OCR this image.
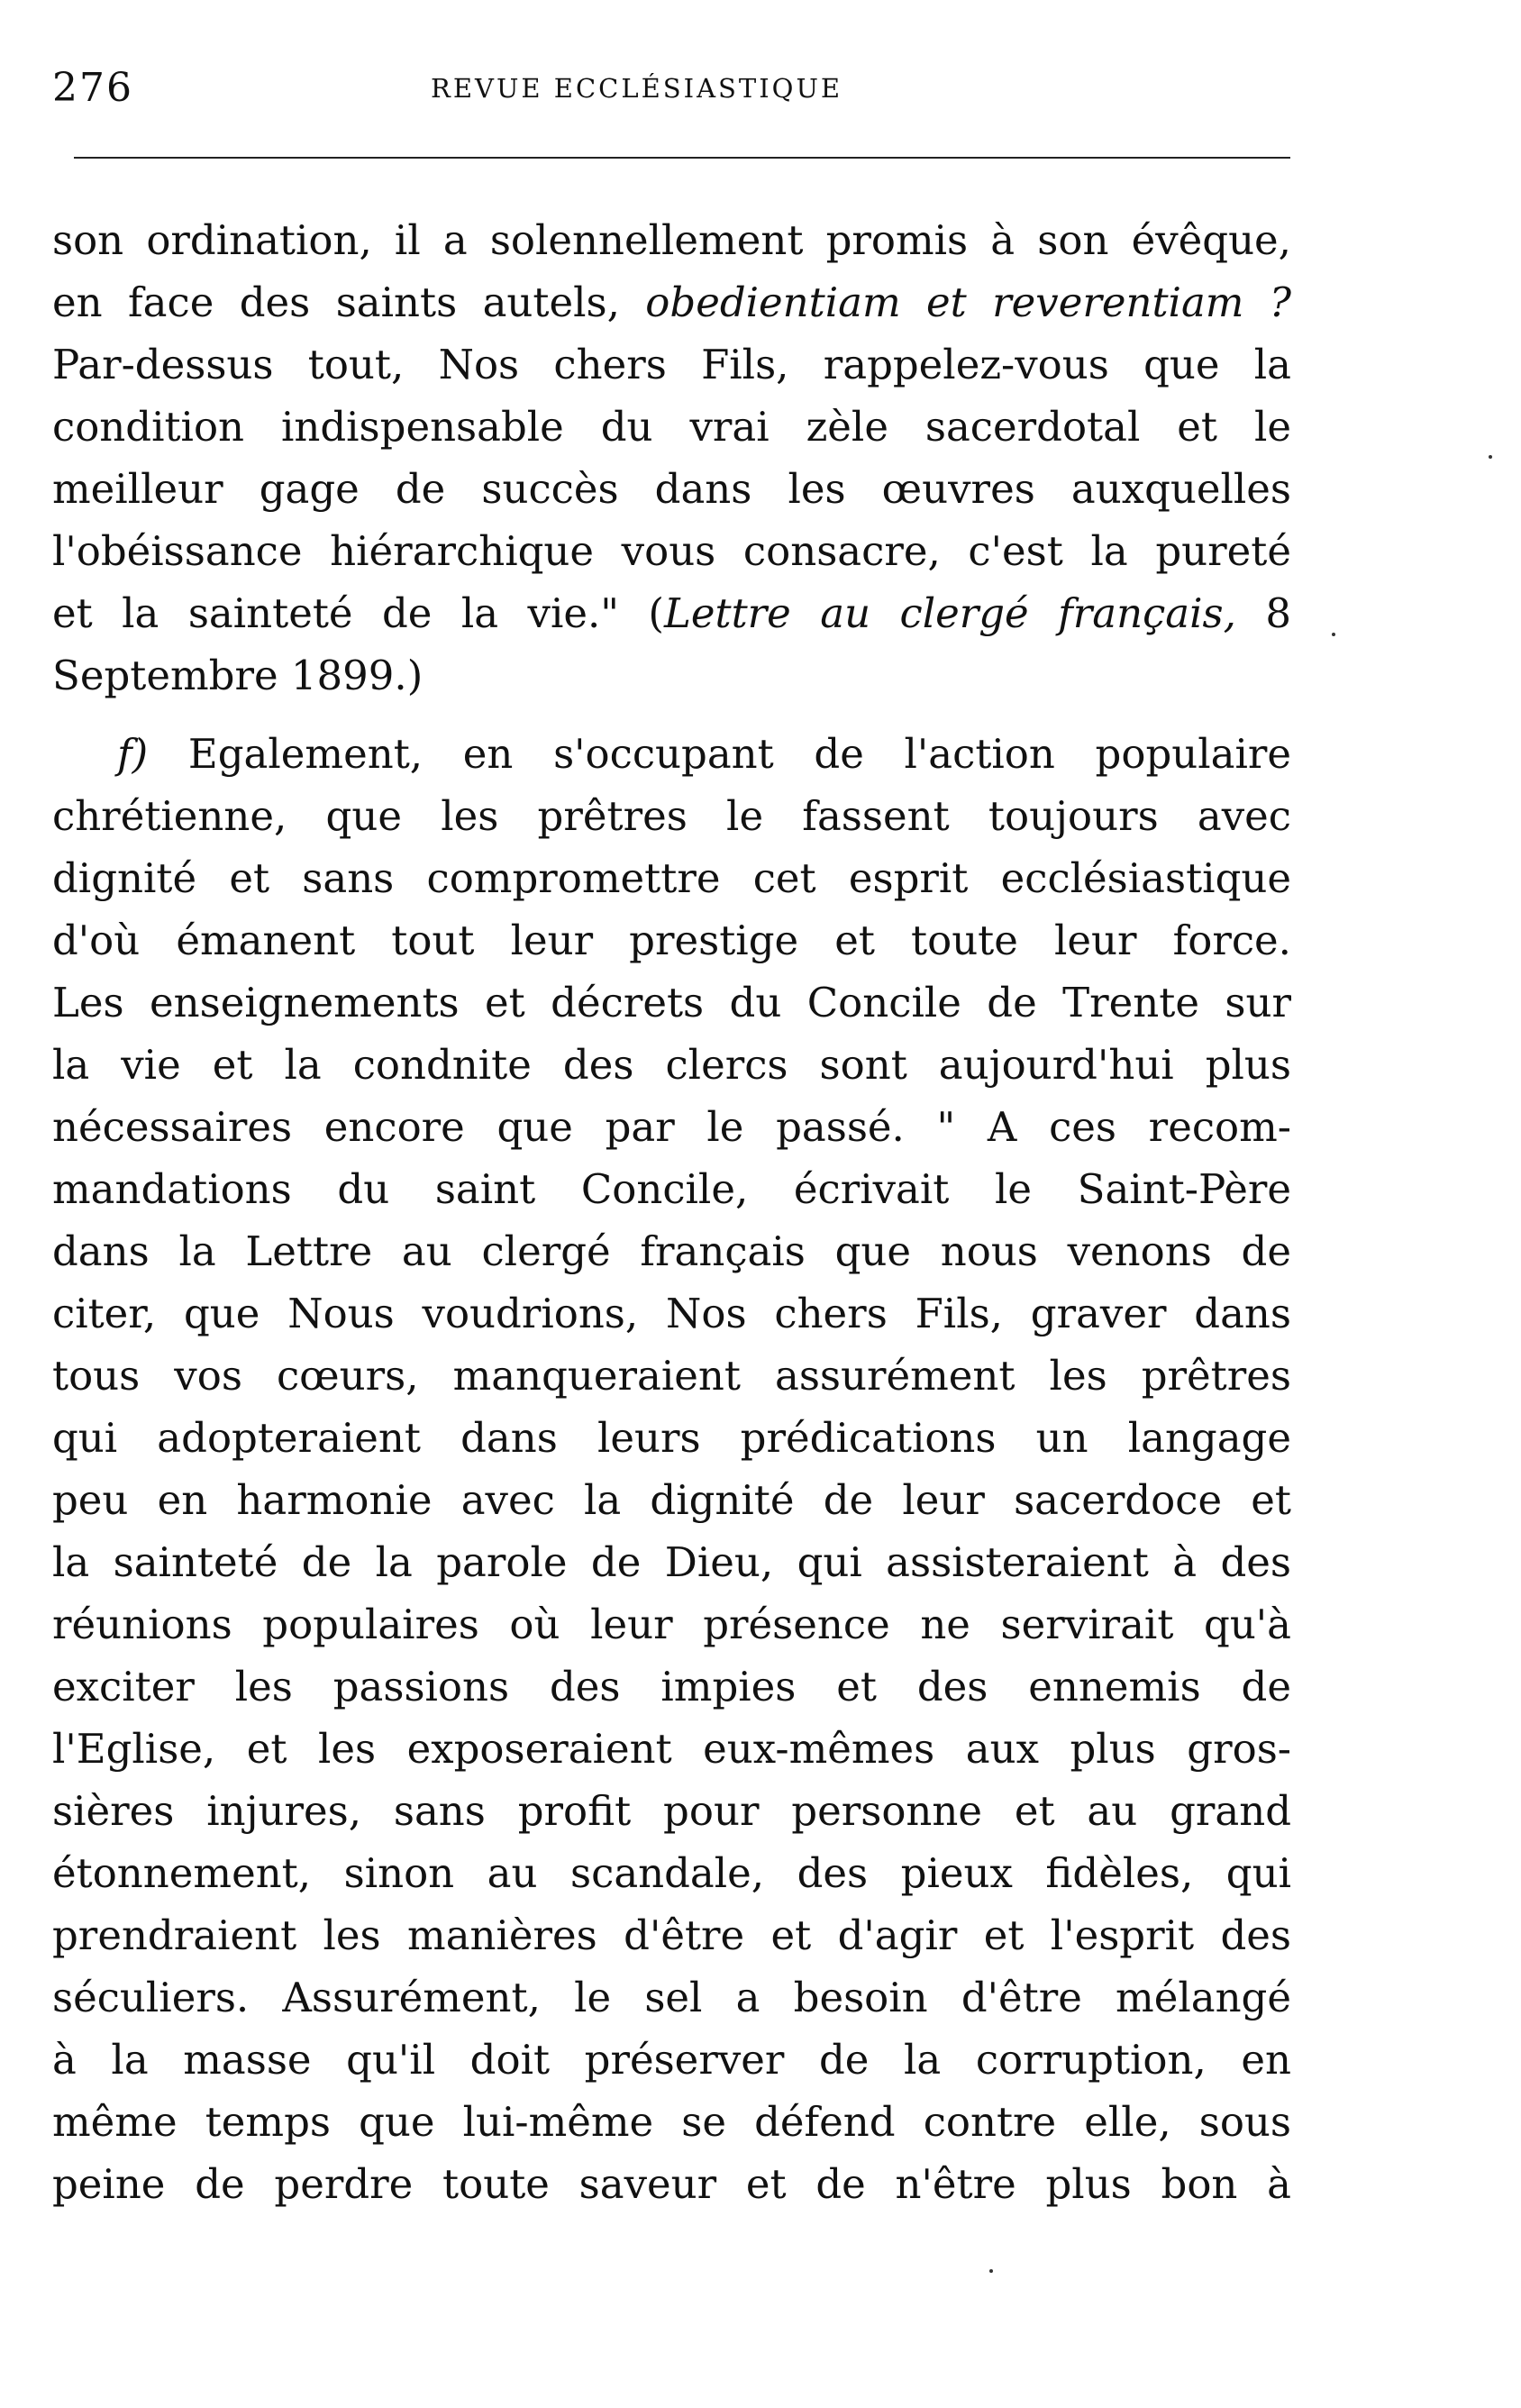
276	REVUE ECCLÉSIASTIQUE
son ordination, il a solennellement promis à son évêque,
en face des saints autels, obedientiam et reverentiam ?
Par-dessus tout, Nos chers Fils, rappelez-vous que la
condition indispensable du vrai zèle sacerdotal et le
meilleur gage de succès dans les œuvres auxquelles
l'obéissance hiérarchique vous consacre, c'est la pureté
et la sainteté de la vie." (Lettre au clergé français, 8
Septembre 1899.)
f) Egalement, en s'occupant de l'action populaire
chrétienne, que les prêtres le fassent toujours avec
dignité et sans compromettre cet esprit ecclésiastique
d'où émanent tout leur prestige et toute leur force.
Les enseignements et décrets du Concile de Trente sur
la vie et la condnite des clercs sont aujourd'hui plus
nécessaires encore que par le passé. " A ces recom-
mandations du saint Concile, écrivait le Saint-Père
dans la Lettre au clergé français que nous venons de
citer, que Nous voudrions, Nos chers Fils, graver dans
tous vos cœurs, manqueraient assurément les prêtres
qui adopteraient dans leurs prédications un langage
peu en harmonie avec la dignité de leur sacerdoce et
la sainteté de la parole de Dieu, qui assisteraient à des
réunions populaires où leur présence ne servirait qu'à
exciter les passions des impies et des ennemis de
l'Eglise, et les exposeraient eux-mêmes aux plus gros-
sières injures, sans profit pour personne et au grand
étonnement, sinon au scandale, des pieux fidèles, qui
prendraient les manières d'être et d'agir et l'esprit des
séculiers. Assurément, le sel a besoin d'être mélangé
à la masse qu'il doit préserver de la corruption, en
même temps que lui-même se défend contre elle, sous
peine de perdre toute saveur et de n'être plus bon à
